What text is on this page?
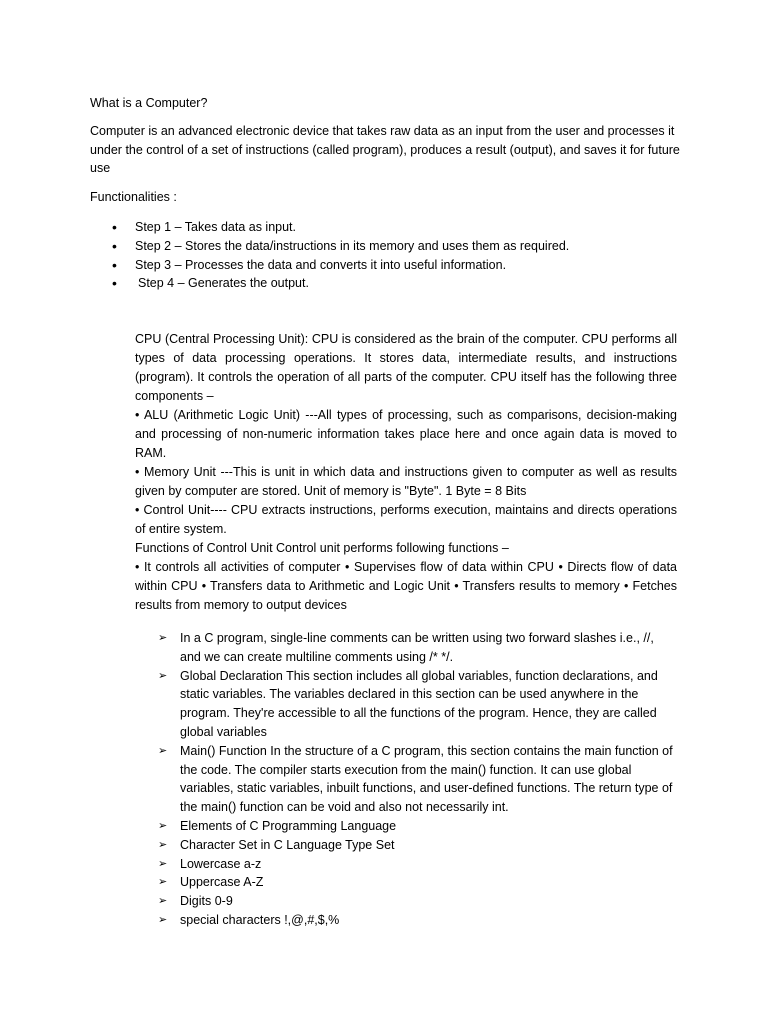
What is a Computer?
Computer is an advanced electronic device that takes raw data as an input from the user and processes it under the control of a set of instructions (called program), produces a result (output), and saves it for future use
Functionalities :
• Step 1 – Takes data as input.
• Step 2 – Stores the data/instructions in its memory and uses them as required.
• Step 3 – Processes the data and converts it into useful information.
• Step 4 – Generates the output.

CPU (Central Processing Unit): CPU is considered as the brain of the computer. CPU performs all types of data processing operations. It stores data, intermediate results, and instructions (program). It controls the operation of all parts of the computer. CPU itself has the following three components –

• ALU (Arithmetic Logic Unit) ---All types of processing, such as comparisons, decision-making and processing of non-numeric information takes place here and once again data is moved to RAM.

• Memory Unit ---This is unit in which data and instructions given to computer as well as results given by computer are stored. Unit of memory is "Byte". 1 Byte = 8 Bits

• Control Unit---- CPU extracts instructions, performs execution, maintains and directs operations of entire system.

Functions of Control Unit Control unit performs following functions –

• It controls all activities of computer • Supervises flow of data within CPU • Directs flow of data within CPU • Transfers data to Arithmetic and Logic Unit • Transfers results to memory • Fetches results from memory to output devices

➢ In a C program, single-line comments can be written using two forward slashes i.e., //, and we can create multiline comments using /* */.
➢ Global Declaration This section includes all global variables, function declarations, and static variables. The variables declared in this section can be used anywhere in the program. They're accessible to all the functions of the program. Hence, they are called global variables
➢ Main() Function In the structure of a C program, this section contains the main function of the code. The compiler starts execution from the main() function. It can use global variables, static variables, inbuilt functions, and user-defined functions. The return type of the main() function can be void and also not necessarily int.
➢ Elements of C Programming Language
➢ Character Set in C Language Type Set
➢ Lowercase a-z
➢ Uppercase A-Z
➢ Digits 0-9
➢ special characters !,@,#,$,%
